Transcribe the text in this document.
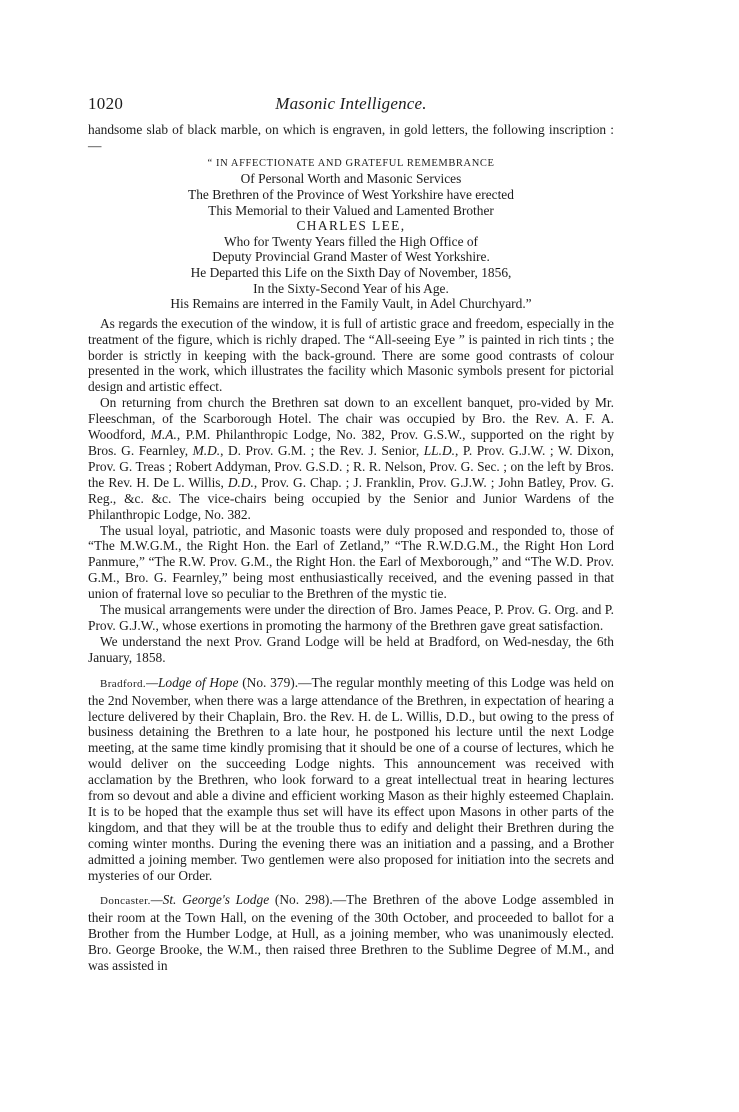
1020	Masonic Intelligence.

handsome slab of black marble, on which is engraven, in gold letters, the following inscription :—

“ IN AFFECTIONATE AND GRATEFUL REMEMBRANCE
Of Personal Worth and Masonic Services
The Brethren of the Province of West Yorkshire have erected
This Memorial to their Valued and Lamented Brother
CHARLES LEE,
Who for Twenty Years filled the High Office of
Deputy Provincial Grand Master of West Yorkshire.
He Departed this Life on the Sixth Day of November, 1856,
In the Sixty-Second Year of his Age.
His Remains are interred in the Family Vault, in Adel Churchyard.”

As regards the execution of the window, it is full of artistic grace and freedom, especially in the treatment of the figure, which is richly draped. The “All-seeing Eye ” is painted in rich tints ; the border is strictly in keeping with the back-ground. There are some good contrasts of colour presented in the work, which illustrates the facility which Masonic symbols present for pictorial design and artistic effect.

On returning from church the Brethren sat down to an excellent banquet, pro-vided by Mr. Fleeschman, of the Scarborough Hotel. The chair was occupied by Bro. the Rev. A. F. A. Woodford, M.A., P.M. Philanthropic Lodge, No. 382, Prov. G.S.W., supported on the right by Bros. G. Fearnley, M.D., D. Prov. G.M. ; the Rev. J. Senior, LL.D., P. Prov. G.J.W. ; W. Dixon, Prov. G. Treas ; Robert Addyman, Prov. G.S.D. ; R. R. Nelson, Prov. G. Sec. ; on the left by Bros. the Rev. H. De L. Willis, D.D., Prov. G. Chap. ; J. Franklin, Prov. G.J.W. ; John Batley, Prov. G. Reg., &c. &c. The vice-chairs being occupied by the Senior and Junior Wardens of the Philanthropic Lodge, No. 382.

The usual loyal, patriotic, and Masonic toasts were duly proposed and responded to, those of “The M.W.G.M., the Right Hon. the Earl of Zetland,” “The R.W.D.G.M., the Right Hon Lord Panmure,” “The R.W. Prov. G.M., the Right Hon. the Earl of Mexborough,” and “The W.D. Prov. G.M., Bro. G. Fearnley,” being most enthusiastically received, and the evening passed in that union of fraternal love so peculiar to the Brethren of the mystic tie.

The musical arrangements were under the direction of Bro. James Peace, P. Prov. G. Org. and P. Prov. G.J.W., whose exertions in promoting the harmony of the Brethren gave great satisfaction.

We understand the next Prov. Grand Lodge will be held at Bradford, on Wed-nesday, the 6th January, 1858.

Bradford.—Lodge of Hope (No. 379).—The regular monthly meeting of this Lodge was held on the 2nd November, when there was a large attendance of the Brethren, in expectation of hearing a lecture delivered by their Chaplain, Bro. the Rev. H. de L. Willis, D.D., but owing to the press of business detaining the Brethren to a late hour, he postponed his lecture until the next Lodge meeting, at the same time kindly promising that it should be one of a course of lectures, which he would deliver on the succeeding Lodge nights. This announcement was received with acclamation by the Brethren, who look forward to a great intellectual treat in hearing lectures from so devout and able a divine and efficient working Mason as their highly esteemed Chaplain. It is to be hoped that the example thus set will have its effect upon Masons in other parts of the kingdom, and that they will be at the trouble thus to edify and delight their Brethren during the coming winter months. During the evening there was an initiation and a passing, and a Brother admitted a joining member. Two gentlemen were also proposed for initiation into the secrets and mysteries of our Order.

Doncaster.—St. George's Lodge (No. 298).—The Brethren of the above Lodge assembled in their room at the Town Hall, on the evening of the 30th October, and proceeded to ballot for a Brother from the Humber Lodge, at Hull, as a joining member, who was unanimously elected. Bro. George Brooke, the W.M., then raised three Brethren to the Sublime Degree of M.M., and was assisted in
